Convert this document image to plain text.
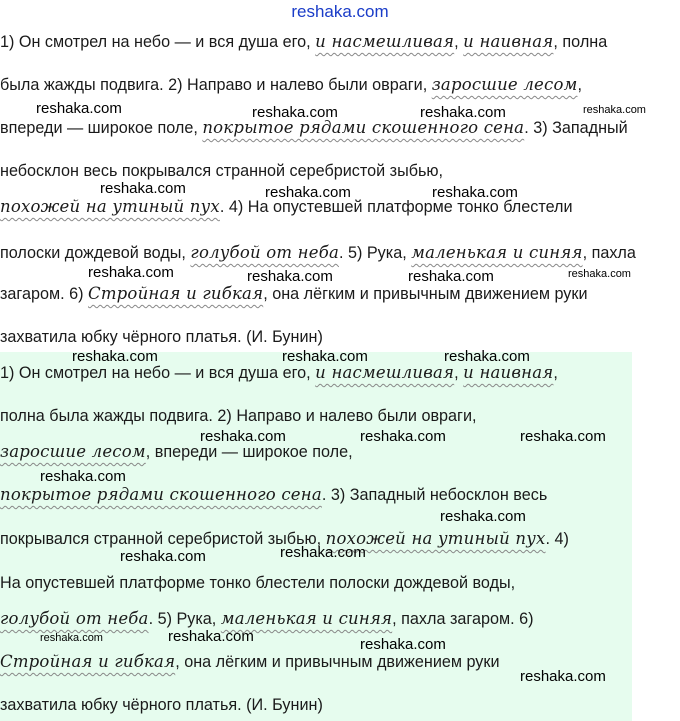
reshaka.com
1) Он смотрел на небо — и вся душа его, и насмешливая, и наивная, полна
была жажды подвига. 2) Направо и налево были овраги, заросшие лесом,
впереди — широкое поле, покрытое рядами скошенного сена. 3) Западный
небосклон весь покрывался странной серебристой зыбью,
похожей на утиный пух. 4) На опустевшей платформе тонко блестели
полоски дождевой воды, голубой от неба. 5) Рука, маленькая и синяя, пахла
загаром. 6) Стройная и гибкая, она лёгким и привычным движением руки
захватила юбку чёрного платья. (И. Бунин)
1) Он смотрел на небо — и вся душа его, и насмешливая, и наивная,
полна была жажды подвига. 2) Направо и налево были овраги,
заросшие лесом, впереди — широкое поле,
покрытое рядами скошенного сена. 3) Западный небосклон весь
покрывался странной серебристой зыбью, похожей на утиный пух. 4)
На опустевшей платформе тонко блестели полоски дождевой воды,
голубой от неба. 5) Рука, маленькая и синяя, пахла загаром. 6)
Стройная и гибкая, она лёгким и привычным движением руки
захватила юбку чёрного платья. (И. Бунин)
reshaka.com	reshaka.com	reshaka.com	reshaka.com
reshaka.com	reshaka.com	reshaka.com
reshaka.com	reshaka.com	reshaka.com	reshaka.com
reshaka.com	reshaka.com	reshaka.com
reshaka.com	reshaka.com	reshaka.com
reshaka.com
reshaka.com
reshaka.com	reshaka.com
reshaka.com	reshaka.com	reshaka.com
reshaka.com
